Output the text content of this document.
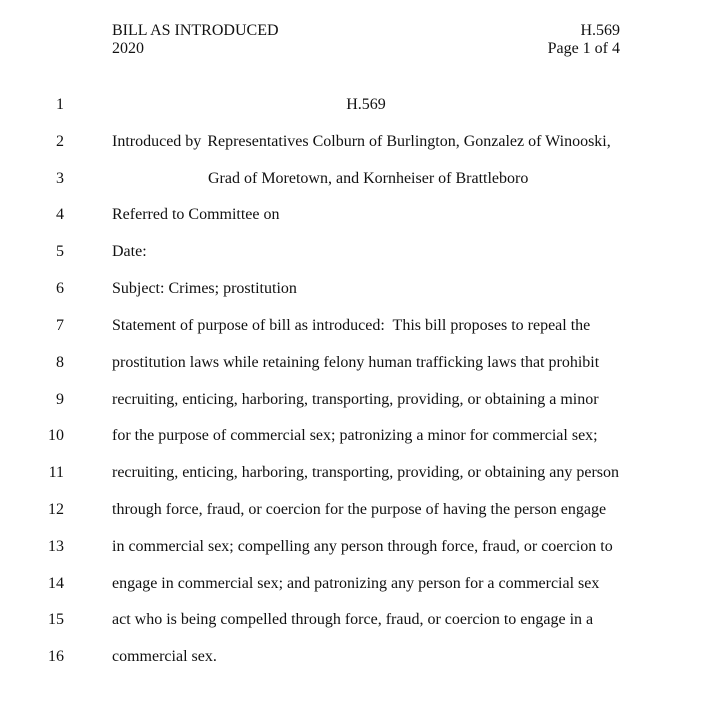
BILL AS INTRODUCED
2020
H.569
Page 1 of 4
1	H.569
2	Introduced by Representatives Colburn of Burlington, Gonzalez of Winooski,
3	Grad of Moretown, and Kornheiser of Brattleboro
4	Referred to Committee on
5	Date:
6	Subject: Crimes; prostitution
7	Statement of purpose of bill as introduced:  This bill proposes to repeal the
8	prostitution laws while retaining felony human trafficking laws that prohibit
9	recruiting, enticing, harboring, transporting, providing, or obtaining a minor
10	for the purpose of commercial sex; patronizing a minor for commercial sex;
11	recruiting, enticing, harboring, transporting, providing, or obtaining any person
12	through force, fraud, or coercion for the purpose of having the person engage
13	in commercial sex; compelling any person through force, fraud, or coercion to
14	engage in commercial sex; and patronizing any person for a commercial sex
15	act who is being compelled through force, fraud, or coercion to engage in a
16	commercial sex.
